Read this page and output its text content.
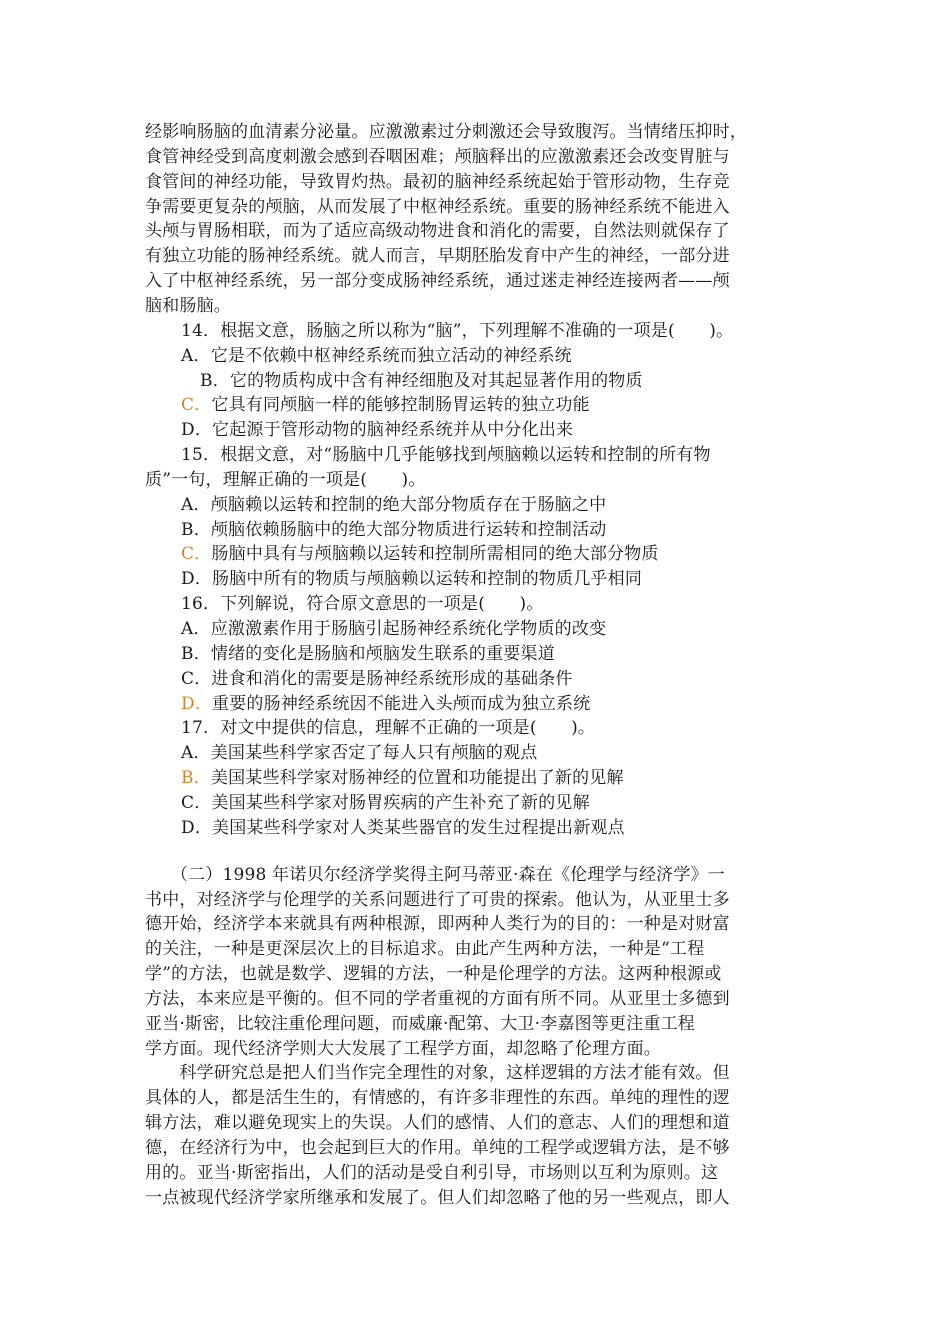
经影响肠脑的血清素分泌量。应激激素过分刺激还会导致腹泻。当情绪压抑时，
食管神经受到高度刺激会感到吞咽困难；颅脑释出的应激激素还会改变胃脏与
食管间的神经功能，导致胃灼热。最初的脑神经系统起始于管形动物，生存竞
争需要更复杂的颅脑，从而发展了中枢神经系统。重要的肠神经系统不能进入
头颅与胃肠相联，而为了适应高级动物进食和消化的需要，自然法则就保存了
有独立功能的肠神经系统。就人而言，早期胚胎发育中产生的神经，一部分进
入了中枢神经系统，另一部分变成肠神经系统，通过迷走神经连接两者——颅
脑和肠脑。
14．根据文意，肠脑之所以称为“脑”，下列理解不准确的一项是(　　)。
A．它是不依赖中枢神经系统而独立活动的神经系统
B．它的物质构成中含有神经细胞及对其起显著作用的物质
C．它具有同颅脑一样的能够控制肠胃运转的独立功能
D．它起源于管形动物的脑神经系统并从中分化出来
15．根据文意，对“肠脑中几乎能够找到颅脑赖以运转和控制的所有物
质”一句，理解正确的一项是(　　)。
A．颅脑赖以运转和控制的绝大部分物质存在于肠脑之中
B．颅脑依赖肠脑中的绝大部分物质进行运转和控制活动
C．肠脑中具有与颅脑赖以运转和控制所需相同的绝大部分物质
D．肠脑中所有的物质与颅脑赖以运转和控制的物质几乎相同
16．下列解说，符合原文意思的一项是(　　)。
A．应激激素作用于肠脑引起肠神经系统化学物质的改变
B．情绪的变化是肠脑和颅脑发生联系的重要渠道
C．进食和消化的需要是肠神经系统形成的基础条件
D．重要的肠神经系统因不能进入头颅而成为独立系统
17．对文中提供的信息，理解不正确的一项是(　　)。
A．美国某些科学家否定了每人只有颅脑的观点
B．美国某些科学家对肠神经的位置和功能提出了新的见解
C．美国某些科学家对肠胃疾病的产生补充了新的见解
D．美国某些科学家对人类某些器官的发生过程提出新观点
　　（二）1998 年诺贝尔经济学奖得主阿马蒂亚·森在《伦理学与经济学》一
书中，对经济学与伦理学的关系问题进行了可贵的探索。他认为，从亚里士多
德开始，经济学本来就具有两种根源，即两种人类行为的目的：一种是对财富
的关注，一种是更深层次上的目标追求。由此产生两种方法，一种是“工程
学”的方法，也就是数学、逻辑的方法，一种是伦理学的方法。这两种根源或
方法，本来应是平衡的。但不同的学者重视的方面有所不同。从亚里士多德到
亚当·斯密，比较注重伦理问题，而威廉·配第、大卫·李嘉图等更注重工程
学方面。现代经济学则大大发展了工程学方面，却忽略了伦理方面。
　　科学研究总是把人们当作完全理性的对象，这样逻辑的方法才能有效。但
具体的人，都是活生生的，有情感的，有许多非理性的东西。单纯的理性的逻
辑方法，难以避免现实上的失误。人们的感情、人们的意志、人们的理想和道
德，在经济行为中，也会起到巨大的作用。单纯的工程学或逻辑方法，是不够
用的。亚当·斯密指出，人们的活动是受自利引导，市场则以互利为原则。这
一点被现代经济学家所继承和发展了。但人们却忽略了他的另一些观点，即人
